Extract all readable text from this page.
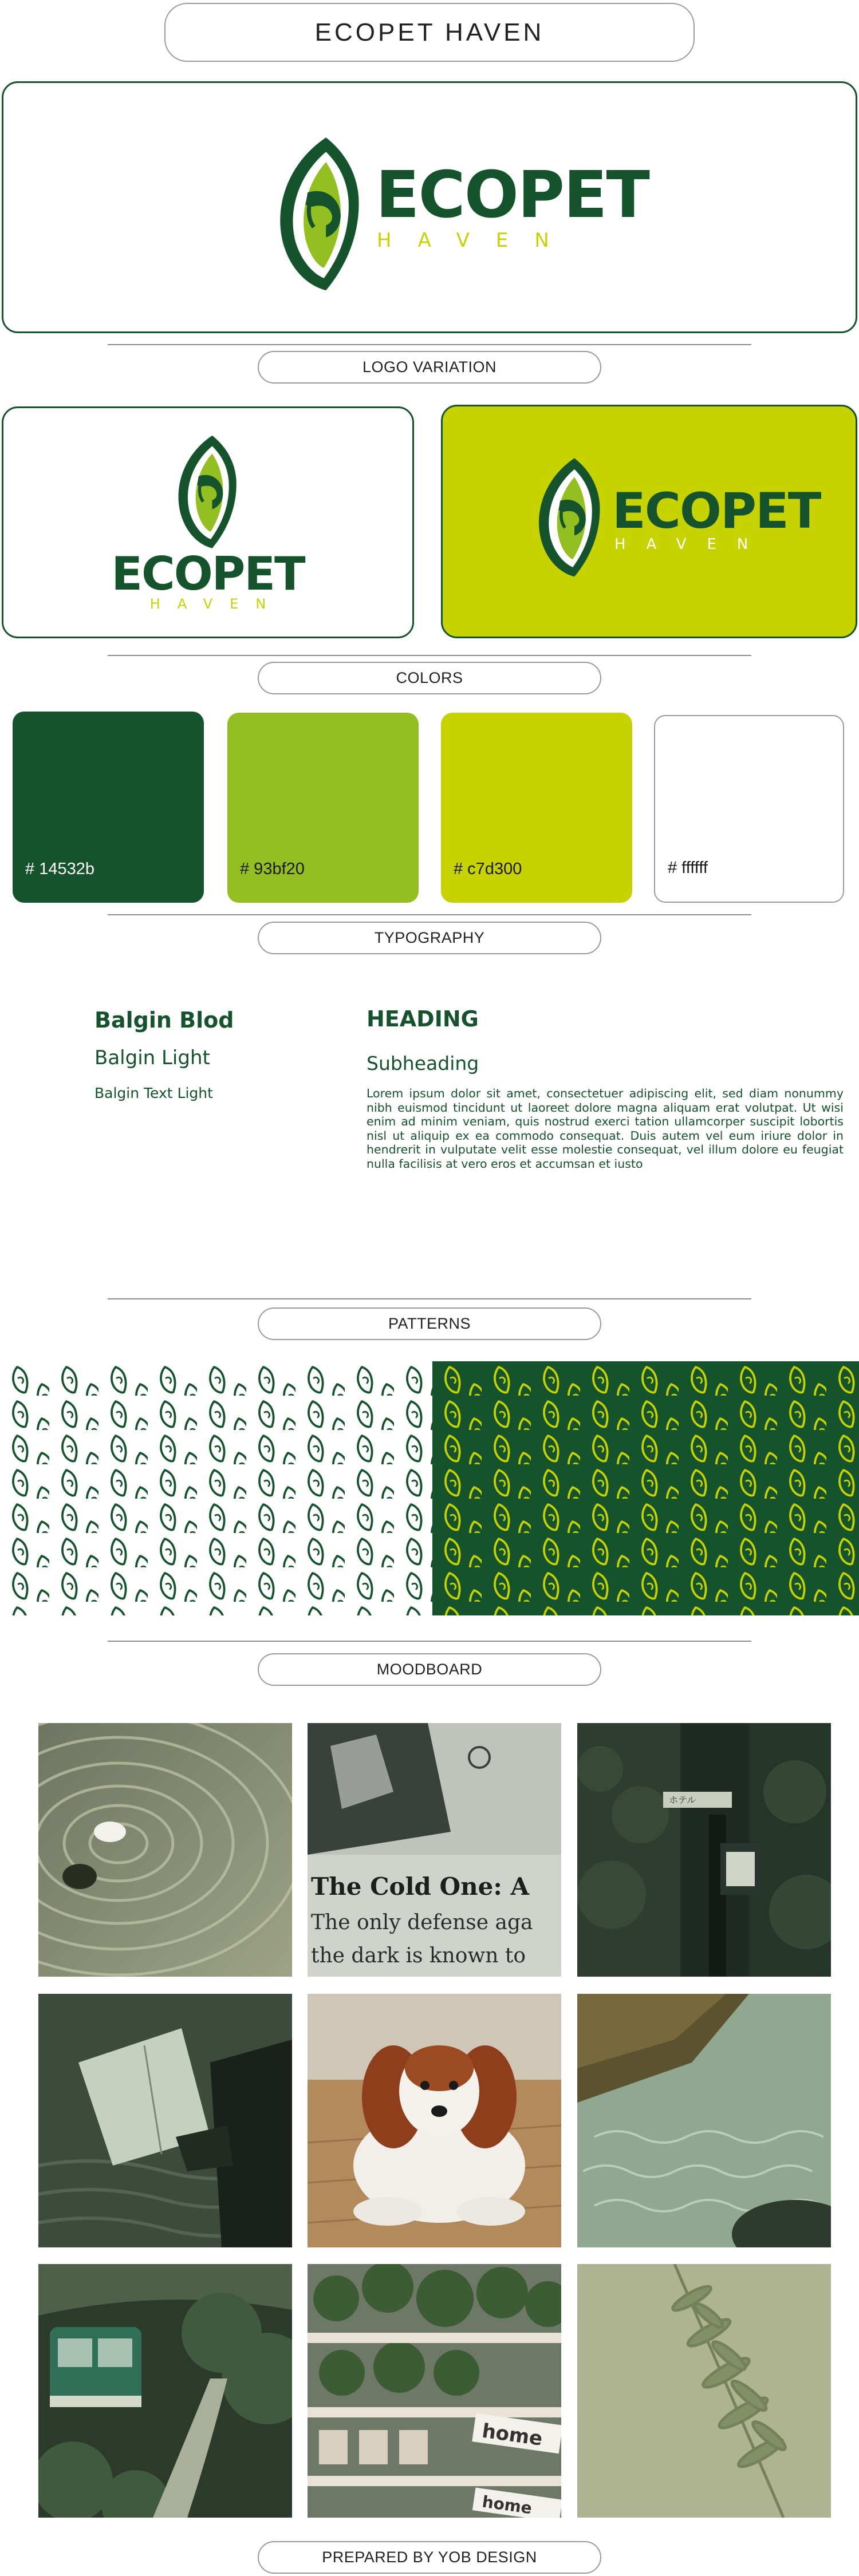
ECOPET HAVEN
ECOPET
HAVEN
LOGO VARIATION
ECOPET
HAVEN
ECOPET
HAVEN
COLORS
# 14532b	# 93bf20	# c7d300	# ffffff
TYPOGRAPHY
Balgin Blod
Balgin Light
Balgin Text Light
HEADING
Subheading
Lorem ipsum dolor sit amet, consectetuer adipiscing elit, sed diam nonummy nibh euismod tincidunt ut laoreet dolore magna aliquam erat volutpat. Ut wisi enim ad minim veniam, quis nostrud exerci tation ullamcorper suscipit lobortis nisl ut aliquip ex ea commodo consequat. Duis autem vel eum iriure dolor in hendrerit in vulputate velit esse molestie consequat, vel illum dolore eu feugiat nulla facilisis at vero eros et accumsan et iusto
PATTERNS
MOODBOARD
The Cold One: A
The only defense aga
the dark is known to
ホテル
home
home
PREPARED BY YOB DESIGN
